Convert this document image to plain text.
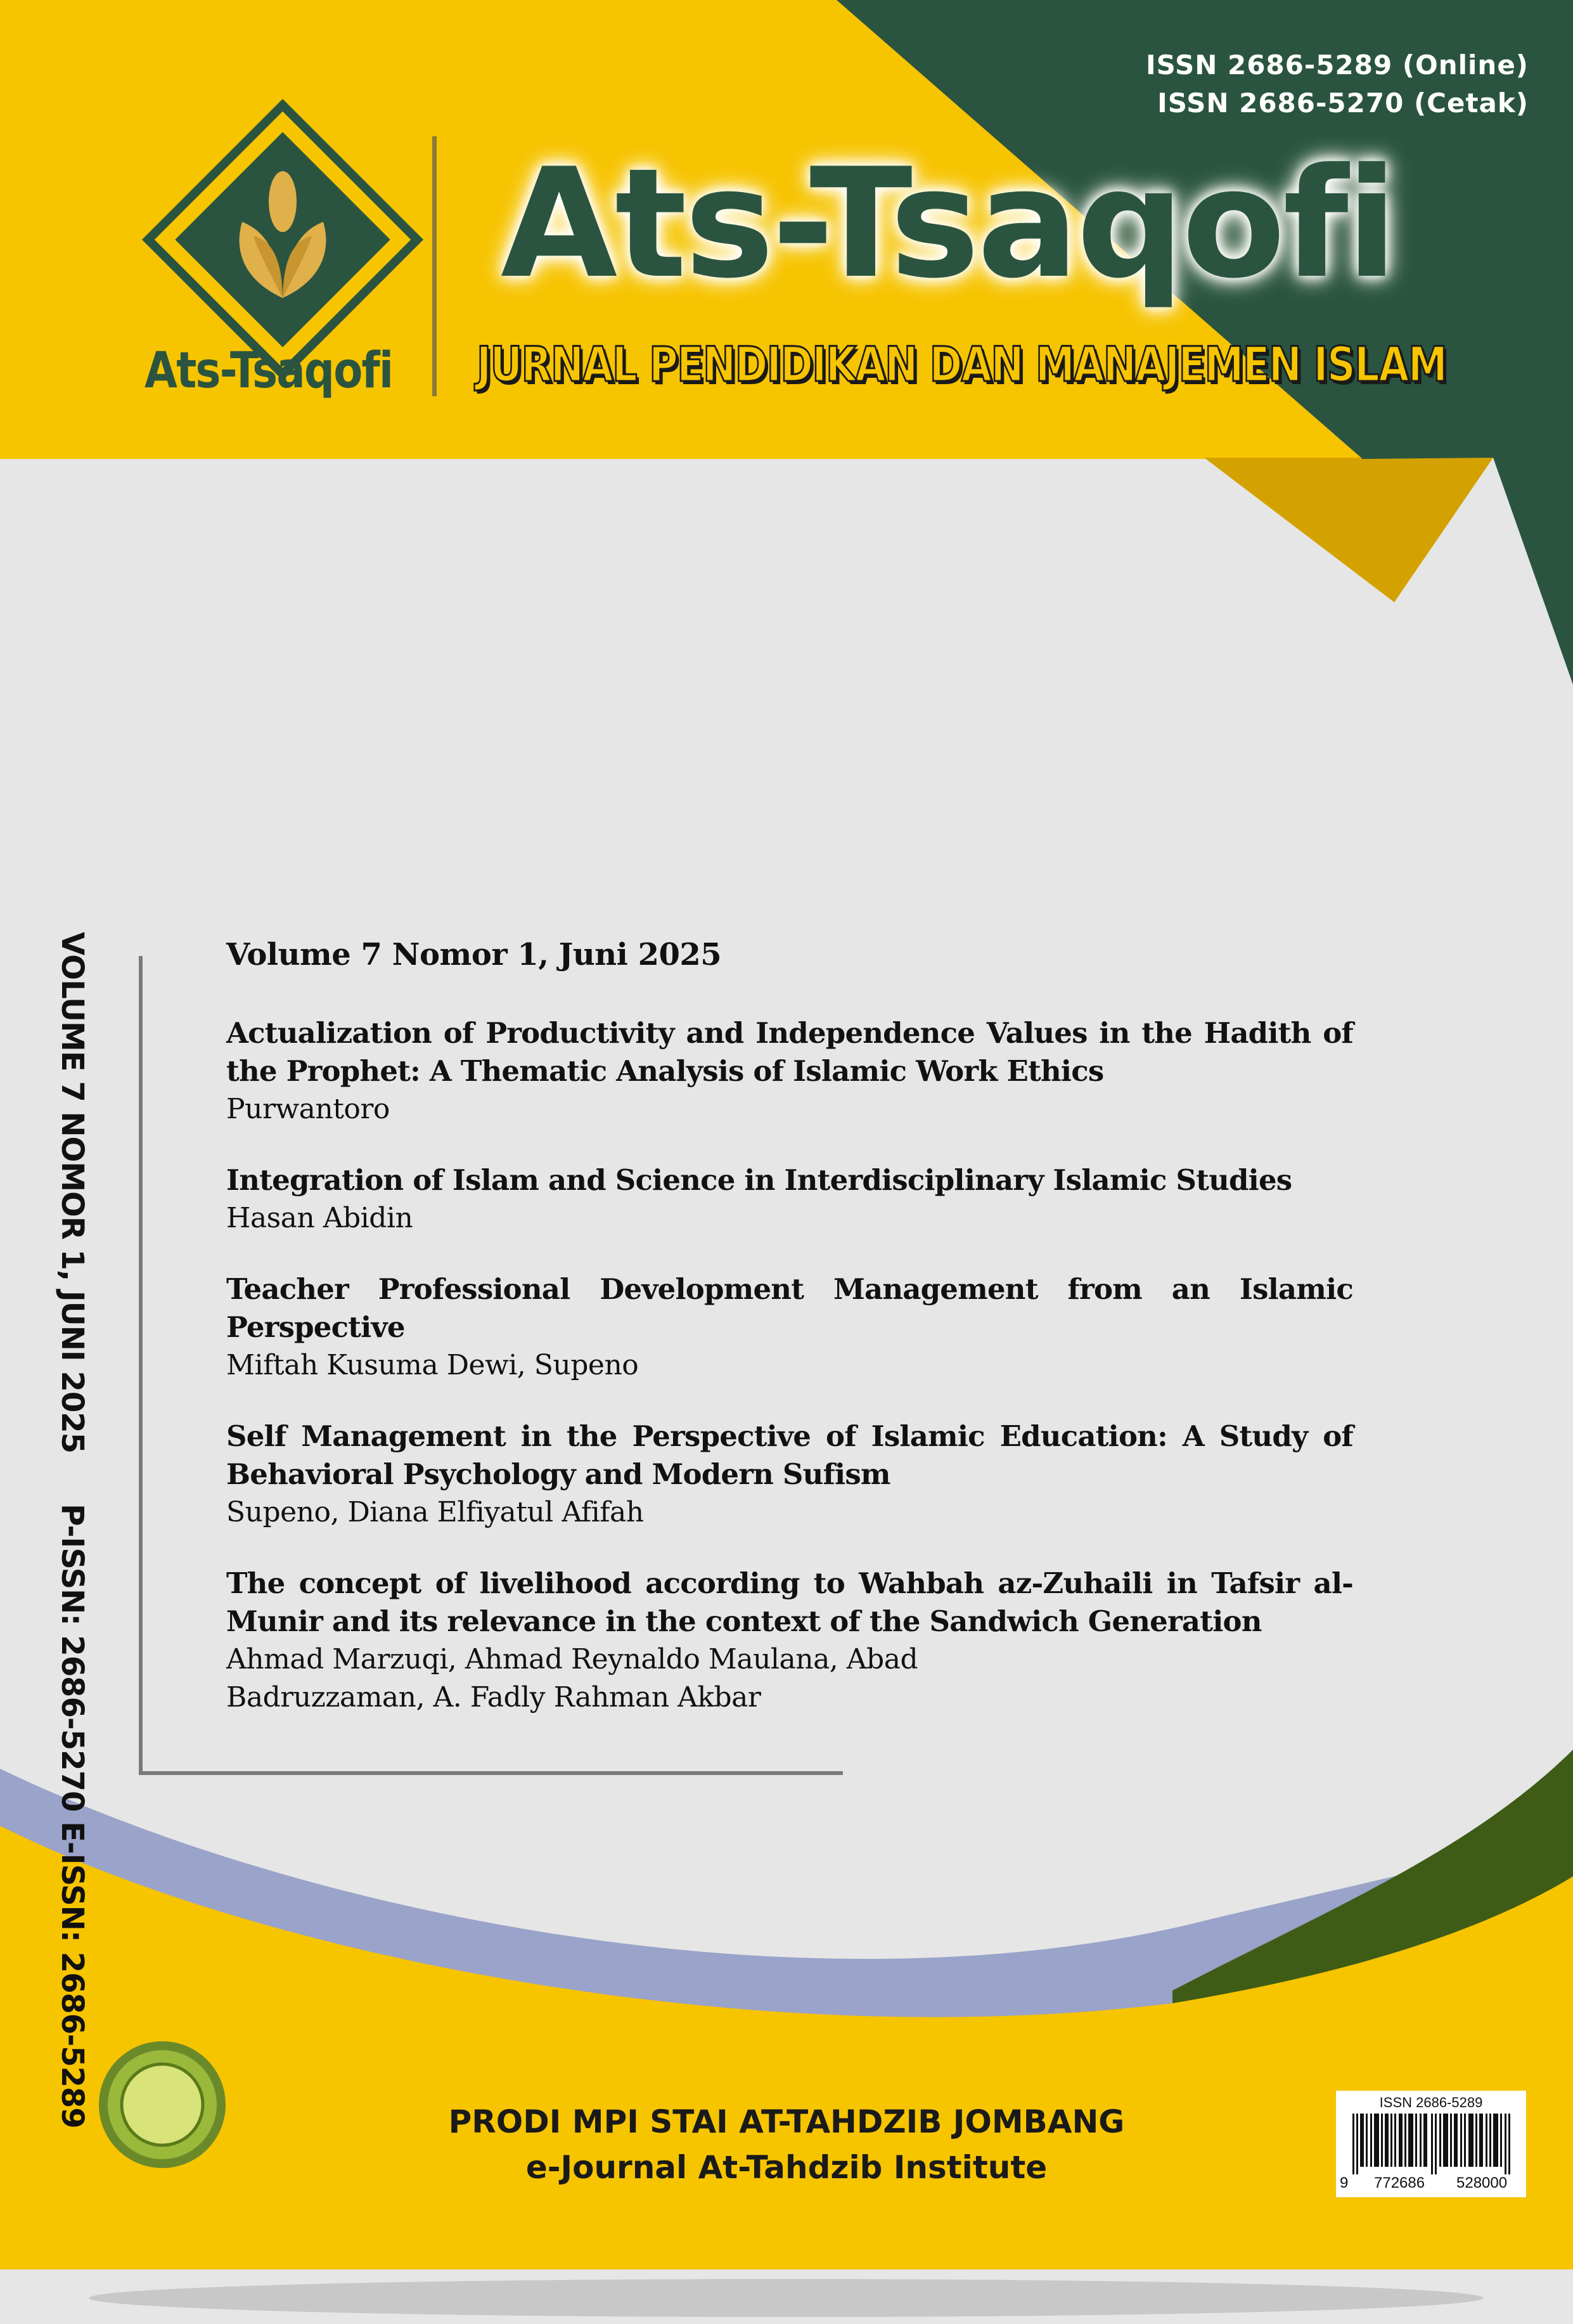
ISSN 2686-5289 (Online)
ISSN 2686-5270 (Cetak)
Ats-Tsaqofi
Ats-Tsaqofi
JURNAL PENDIDIKAN DAN MANAJEMEN ISLAM
VOLUME 7 NOMOR 1, JUNI 2025P-ISSN: 2686-5270 E-ISSN: 2686-5289
Volume 7 Nomor 1, Juni 2025
Actualization of Productivity and Independence Values in the Hadith of the Prophet: A Thematic Analysis of Islamic Work Ethics
Purwantoro
Integration of Islam and Science in Interdisciplinary Islamic Studies
Hasan Abidin
Teacher Professional Development Management from an Islamic Perspective
Miftah Kusuma Dewi, Supeno
Self Management in the Perspective of Islamic Education: A Study of Behavioral Psychology and Modern Sufism
Supeno, Diana Elfiyatul Afifah
The concept of livelihood according to Wahbah az-Zuhaili in Tafsir al-Munir and its relevance in the context of the Sandwich Generation
Ahmad Marzuqi, Ahmad Reynaldo Maulana, Abad Badruzzaman, A. Fadly Rahman Akbar
PRODI MPI STAI AT-TAHDZIB JOMBANG
e-Journal At-Tahdzib Institute
ISSN 2686-5289
9 772686 528000
